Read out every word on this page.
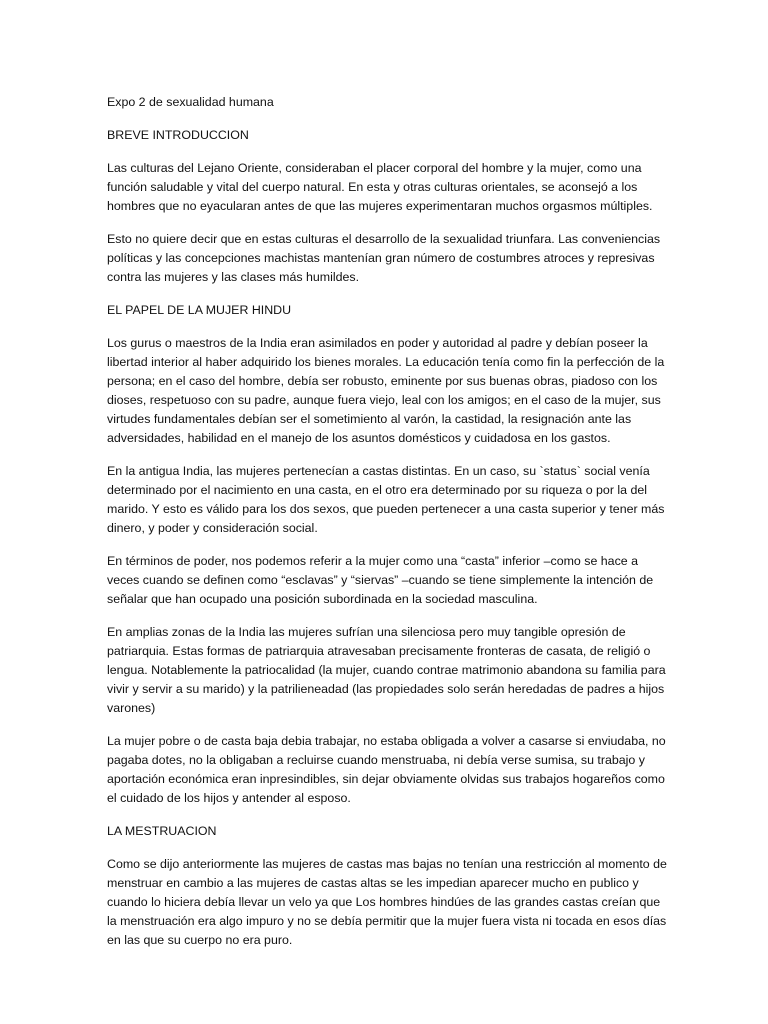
Expo 2 de sexualidad humana

BREVE INTRODUCCION

Las culturas del Lejano Oriente, consideraban el placer corporal del hombre y la mujer, como una función saludable y vital del cuerpo natural. En esta y otras culturas orientales, se aconsejó a los hombres que no eyacularan antes de que las mujeres experimentaran muchos orgasmos múltiples.

Esto no quiere decir que en estas culturas el desarrollo de la sexualidad triunfara. Las conveniencias políticas y las concepciones machistas mantenían gran número de costumbres atroces y represivas contra las mujeres y las clases más humildes.

EL PAPEL DE LA MUJER HINDU

Los gurus o maestros de la India eran asimilados en poder y autoridad al padre y debían poseer la libertad interior al haber adquirido los bienes morales. La educación tenía como fin la perfección de la persona; en el caso del hombre, debía ser robusto, eminente por sus buenas obras, piadoso con los dioses, respetuoso con su padre, aunque fuera viejo, leal con los amigos; en el caso de la mujer, sus virtudes fundamentales debían ser el sometimiento al varón, la castidad, la resignación ante las adversidades, habilidad en el manejo de los asuntos domésticos y cuidadosa en los gastos.

En la antigua India, las mujeres pertenecían a castas distintas. En un caso, su `status` social venía determinado por el nacimiento en una casta, en el otro era determinado por su riqueza o por la del marido. Y esto es válido para los dos sexos, que pueden pertenecer a una casta superior y tener más dinero, y poder y consideración social.

En términos de poder, nos podemos referir a la mujer como una “casta” inferior –como se hace a veces cuando se definen como “esclavas” y “siervas” –cuando se tiene simplemente la intención de señalar que han ocupado una posición subordinada en la sociedad masculina.

En amplias zonas de la India las mujeres sufrían una silenciosa pero muy tangible opresión de patriarquia. Estas formas de patriarquia atravesaban precisamente fronteras de casata, de religió o lengua. Notablemente la patriocalidad (la mujer, cuando contrae matrimonio abandona su familia para vivir y servir a su marido) y la patrilieneadad (las propiedades solo serán heredadas de padres a hijos varones)

La mujer pobre o de casta baja debia trabajar, no estaba obligada a volver a casarse si enviudaba, no pagaba dotes, no la obligaban a recluirse cuando menstruaba, ni debía verse sumisa, su trabajo y aportación económica eran inpresindibles, sin dejar obviamente olvidas sus trabajos hogareños como el cuidado de los hijos y antender al esposo.

LA MESTRUACION

Como se dijo anteriormente las mujeres de castas mas bajas no tenían una restricción al momento de menstruar en cambio a las mujeres de castas altas se les impedian aparecer mucho en publico y cuando lo hiciera debía llevar un velo ya que Los hombres hindúes de las grandes castas creían que la menstruación era algo impuro y no se debía permitir que la mujer fuera vista ni tocada en esos días en las que su cuerpo no era puro.
